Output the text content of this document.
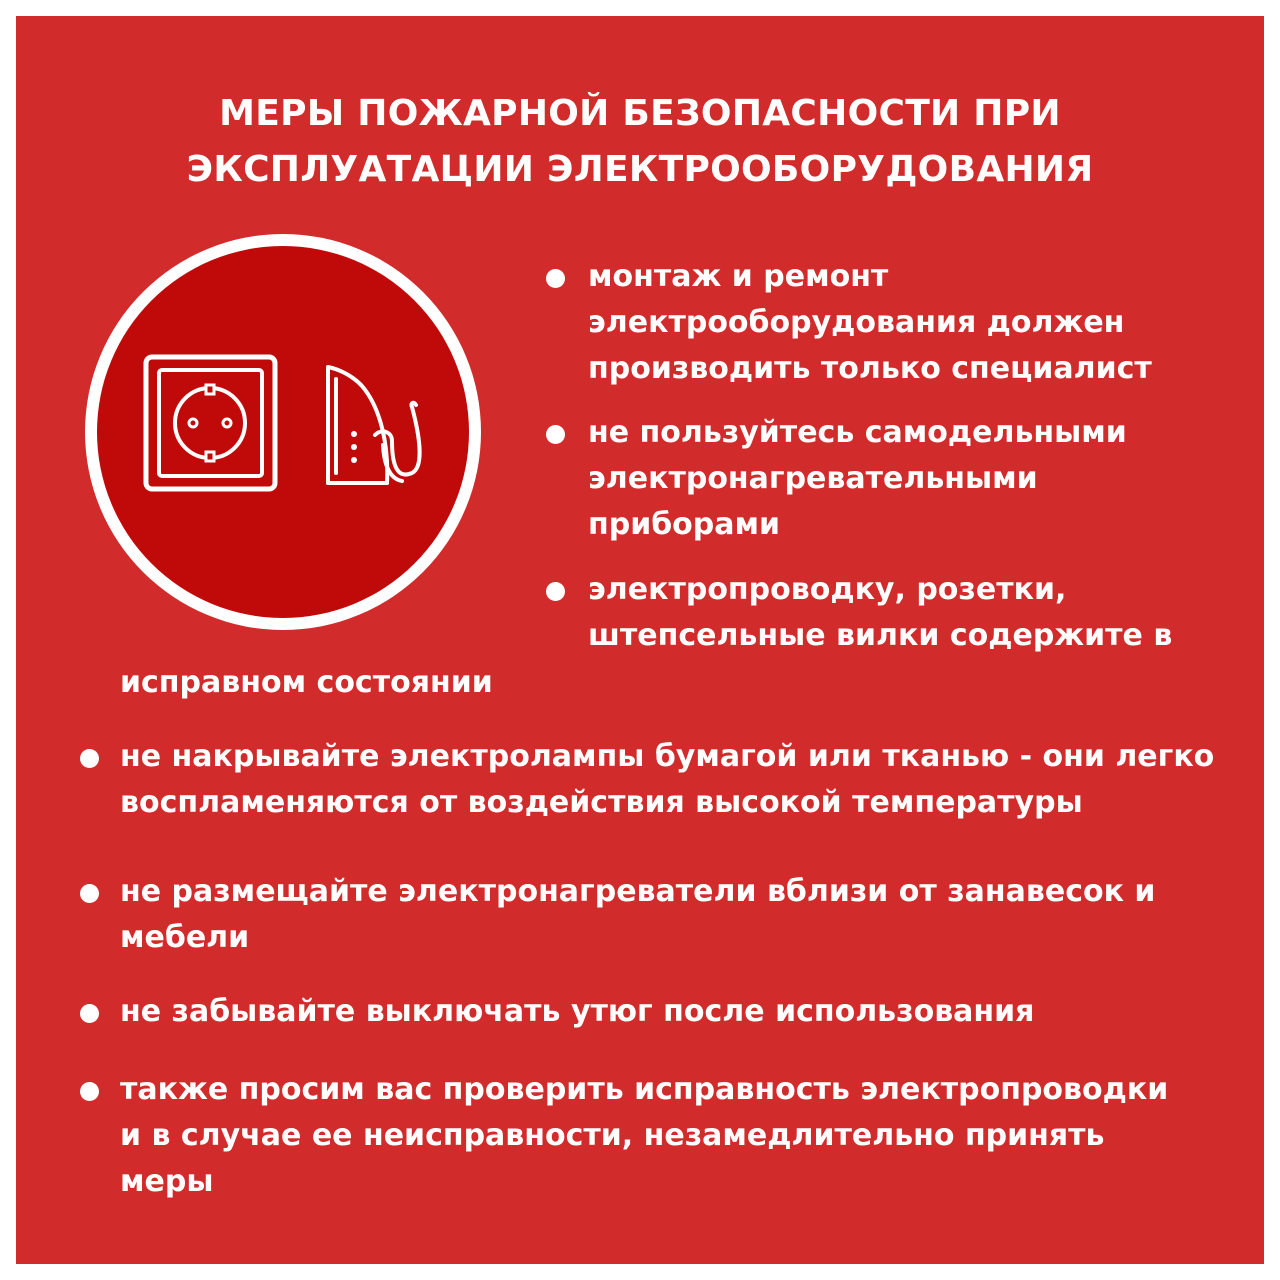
МЕРЫ ПОЖАРНОЙ БЕЗОПАСНОСТИ ПРИ
ЭКСПЛУАТАЦИИ ЭЛЕКТРООБОРУДОВАНИЯ
монтаж и ремонт
электрооборудования должен
производить только специалист
не пользуйтесь самодельными
электронагревательными
приборами
электропроводку, розетки,
штепсельные вилки содержите в
исправном состоянии
не накрывайте электролампы бумагой или тканью - они легко
воспламеняются от воздействия высокой температуры
не размещайте электронагреватели вблизи от занавесок и
мебели
не забывайте выключать утюг после использования
также просим вас проверить исправность электропроводки
и в случае ее неисправности, незамедлительно принять
меры
